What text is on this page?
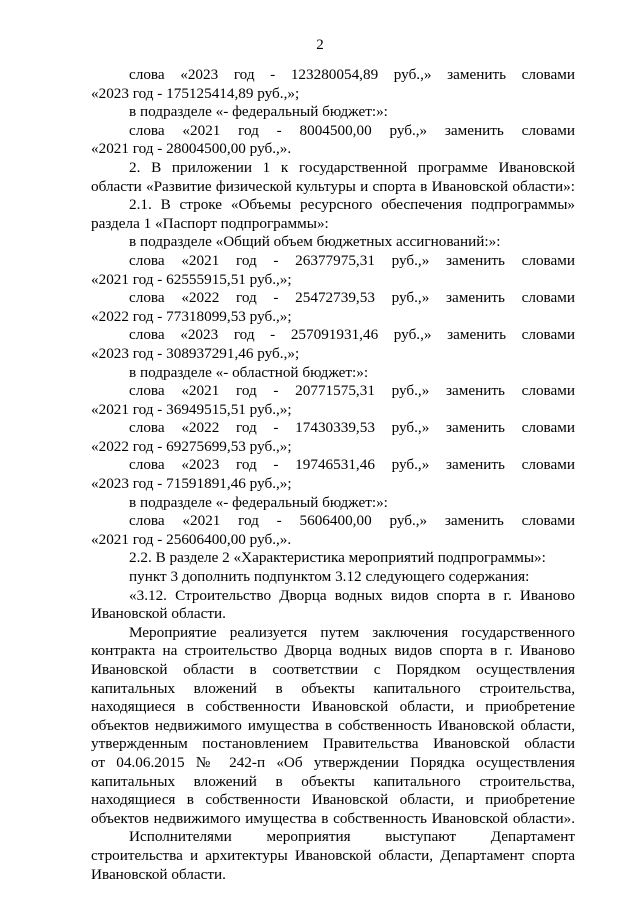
2
слова «2023 год - 123280054,89 руб.,» заменить словами
«2023 год - 175125414,89 руб.,»;
в подразделе «- федеральный бюджет:»:
слова «2021 год - 8004500,00 руб.,» заменить словами
«2021 год - 28004500,00 руб.,».
2. В приложении 1 к государственной программе Ивановской
области «Развитие физической культуры и спорта в Ивановской области»:
2.1. В строке «Объемы ресурсного обеспечения подпрограммы»
раздела 1 «Паспорт подпрограммы»:
в подразделе «Общий объем бюджетных ассигнований:»:
слова «2021 год - 26377975,31 руб.,» заменить словами
«2021 год - 62555915,51 руб.,»;
слова «2022 год - 25472739,53 руб.,» заменить словами
«2022 год - 77318099,53 руб.,»;
слова «2023 год - 257091931,46 руб.,» заменить словами
«2023 год - 308937291,46 руб.,»;
в подразделе «- областной бюджет:»:
слова «2021 год - 20771575,31 руб.,» заменить словами
«2021 год - 36949515,51 руб.,»;
слова «2022 год - 17430339,53 руб.,» заменить словами
«2022 год - 69275699,53 руб.,»;
слова «2023 год - 19746531,46 руб.,» заменить словами
«2023 год - 71591891,46 руб.,»;
в подразделе «- федеральный бюджет:»:
слова «2021 год - 5606400,00 руб.,» заменить словами
«2021 год - 25606400,00 руб.,».
2.2. В разделе 2 «Характеристика мероприятий подпрограммы»:
пункт 3 дополнить подпунктом 3.12 следующего содержания:
«3.12. Строительство Дворца водных видов спорта в г. Иваново
Ивановской области.
Мероприятие реализуется путем заключения государственного
контракта на строительство Дворца водных видов спорта в г. Иваново
Ивановской области в соответствии с Порядком осуществления
капитальных вложений в объекты капитального строительства,
находящиеся в собственности Ивановской области, и приобретение
объектов недвижимого имущества в собственность Ивановской области,
утвержденным постановлением Правительства Ивановской области
от 04.06.2015 № 242-п «Об утверждении Порядка осуществления
капитальных вложений в объекты капитального строительства,
находящиеся в собственности Ивановской области, и приобретение
объектов недвижимого имущества в собственность Ивановской области».
Исполнителями мероприятия выступают Департамент
строительства и архитектуры Ивановской области, Департамент спорта
Ивановской области.
